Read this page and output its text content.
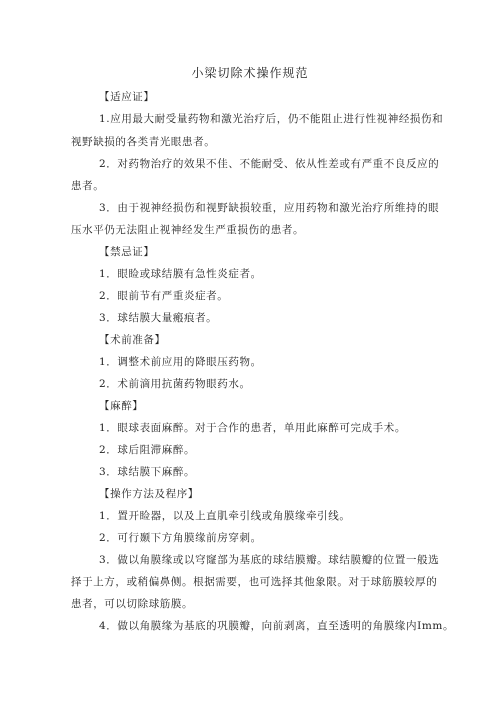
小梁切除术操作规范
【适应证】
1.应用最大耐受量药物和激光治疗后，仍不能阻止进行性视神经损伤和
视野缺损的各类青光眼患者。
2．对药物治疗的效果不佳、不能耐受、依从性差或有严重不良反应的
患者。
3．由于视神经损伤和视野缺损较重，应用药物和激光治疗所维持的眼
压水平仍无法阻止视神经发生严重损伤的患者。
【禁忌证】
1．眼睑或球结膜有急性炎症者。
2．眼前节有严重炎症者。
3．球结膜大量瘢痕者。
【术前准备】
1．调整术前应用的降眼压药物。
2．术前滴用抗菌药物眼药水。
【麻醉】
1．眼球表面麻醉。对于合作的患者，单用此麻醉可完成手术。
2．球后阻滞麻醉。
3．球结膜下麻醉。
【操作方法及程序】
1．置开睑器，以及上直肌牵引线或角膜缘牵引线。
2．可行颞下方角膜缘前房穿刺。
3．做以角膜缘或以穹窿部为基底的球结膜瓣。球结膜瓣的位置一般选
择于上方，或稍偏鼻侧。根据需要，也可选择其他象限。对于球筋膜较厚的
患者，可以切除球筋膜。
4．做以角膜缘为基底的巩膜瓣，向前剥离，直至透明的角膜缘内Imm。
